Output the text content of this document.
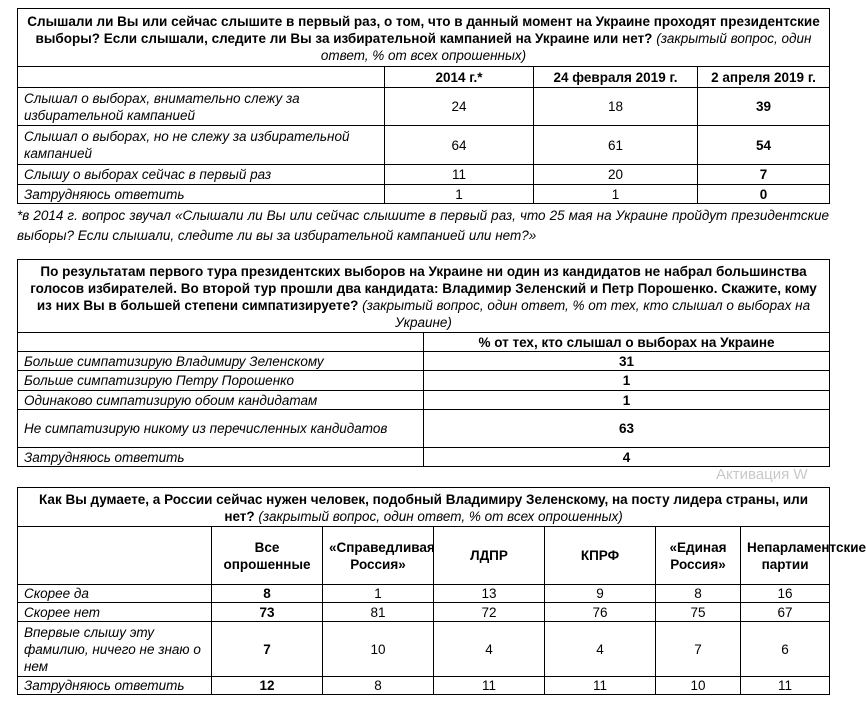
Слышали ли Вы или сейчас слышите в первый раз, о том, что в данный момент на Украине проходят президентские выборы? Если слышали, следите ли Вы за избирательной кампанией на Украине или нет? (закрытый вопрос, один ответ, % от всех опрошенных)			
	2014 г.*	24 февраля 2019 г.	2 апреля 2019 г.
Слышал о выборах, внимательно слежу за избирательной кампанией	24	18	39
Слышал о выборах, но не слежу за избирательной кампанией	64	61	54
Слышу о выборах сейчас в первый раз	11	20	7
Затрудняюсь ответить	1	1	0
*в 2014 г. вопрос звучал «Слышали ли Вы или сейчас слышите в первый раз, что 25 мая на Украине пройдут президентские выборы? Если слышали, следите ли вы за избирательной кампанией или нет?»
По результатам первого тура президентских выборов на Украине ни один из кандидатов не набрал большинства голосов избирателей. Во второй тур прошли два кандидата: Владимир Зеленский и Петр Порошенко. Скажите, кому из них Вы в большей степени симпатизируете? (закрытый вопрос, один ответ, % от тех, кто слышал о выборах на Украине)	
	% от тех, кто слышал о выборах на Украине
Больше симпатизирую Владимиру Зеленскому	31
Больше симпатизирую Петру Порошенко	1
Одинаково симпатизирую обоим кандидатам	1
Не симпатизирую никому из перечисленных кандидатов	63
Затрудняюсь ответить	4
Активация W
Как Вы думаете, а России сейчас нужен человек, подобный Владимиру Зеленскому, на посту лидера страны, или нет? (закрытый вопрос, один ответ, % от всех опрошенных)						
	Все опрошенные	«Справедливая Россия»	ЛДПР	КПРФ	«Единая Россия»	Непарламентские партии
Скорее да	8	1	13	9	8	16
Скорее нет	73	81	72	76	75	67
Впервые слышу эту фамилию, ничего не знаю о нем	7	10	4	4	7	6
Затрудняюсь ответить	12	8	11	11	10	11
